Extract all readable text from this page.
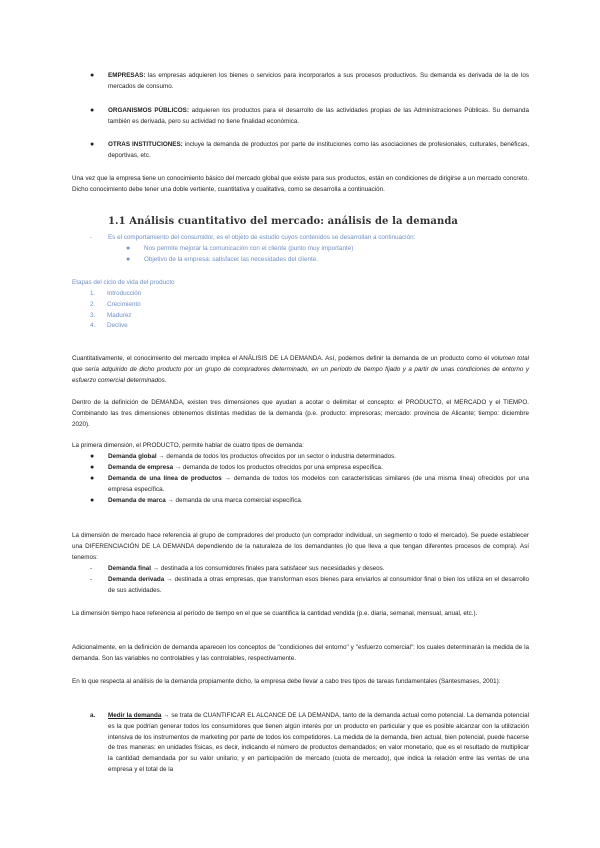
● EMPRESAS: las empresas adquieren los bienes o servicios para incorporarlos a sus procesos productivos. Su demanda es derivada de la de los mercados de consumo.

● ORGANISMOS PÚBLICOS: adquieren los productos para el desarrollo de las actividades propias de las Administraciones Públicas. Su demanda también es derivada, pero su actividad no tiene finalidad económica.

● OTRAS INSTITUCIONES: incluye la demanda de productos por parte de instituciones como las asociaciones de profesionales, culturales, benéficas, deportivas, etc.

Una vez que la empresa tiene un conocimiento básico del mercado global que existe para sus productos, están en condiciones de dirigirse a un mercado concreto. Dicho conocimiento debe tener una doble vertiente, cuantitativa y cualitativa, como se desarrolla a continuación.

1.1 Análisis cuantitativo del mercado: análisis de la demanda
-	Es el comportamiento del consumidor, es el objeto de estudio cuyos contenidos se desarrollan a continuación:

● Nos permite mejorar la comunicación con el cliente (punto muy importante)

● Objetivo de la empresa: satisfacer las necesidades del cliente.

Etapas del ciclo de vida del producto

1. Introducción
2. Crecimiento
3. Madurez
4. Declive

Cuantitativamente, el conocimiento del mercado implica el ANÁLISIS DE LA DEMANDA. Así, podemos definir la demanda de un producto como el volumen total que sería adquirido de dicho producto por un grupo de compradores determinado, en un período de tiempo fijado y a partir de unas condiciones de entorno y esfuerzo comercial determinados.

Dentro de la definición de DEMANDA, existen tres dimensiones que ayudan a acotar o delimitar el concepto: el PRODUCTO, el MERCADO y el TIEMPO. Combinando las tres dimensiones obtenemos distintas medidas de la demanda (p.e. producto: impresoras; mercado: provincia de Alicante; tiempo: diciembre 2020).

La primera dimensión, el PRODUCTO, permite hablar de cuatro tipos de demanda:

● Demanda global → demanda de todos los productos ofrecidos por un sector o industria determinados.

● Demanda de empresa → demanda de todos los productos ofrecidos por una empresa específica.

● Demanda de una línea de productos → demanda de todos los modelos con características similares (de una misma línea) ofrecidos por una empresa específica.

● Demanda de marca → demanda de una marca comercial específica.

La dimensión de mercado hace referencia al grupo de compradores del producto (un comprador individual, un segmento o todo el mercado). Se puede establecer una DIFERENCIACIÓN DE LA DEMANDA dependiendo de la naturaleza de los demandantes (lo que lleva a que tengan diferentes procesos de compra). Así tenemos:

-	Demanda final → destinada a los consumidores finales para satisfacer sus necesidades y deseos.

-	Demanda derivada → destinada a otras empresas, que transforman esos bienes para enviarlos al consumidor final o bien los utiliza en el desarrollo de sus actividades.

La dimensión tiempo hace referencia al período de tiempo en el que se cuantifica la cantidad vendida (p.e. diaria, semanal, mensual, anual, etc.).

Adicionalmente, en la definición de demanda aparecen los conceptos de "condiciones del entorno" y "esfuerzo comercial": los cuales determinarán la medida de la demanda. Son las variables no controlables y las controlables, respectivamente.

En lo que respecta al análisis de la demanda propiamente dicho, la empresa debe llevar a cabo tres tipos de tareas fundamentales (Santesmases, 2001):

a. Medir la demanda → se trata de CUANTIFICAR EL ALCANCE DE LA DEMANDA, tanto de la demanda actual como potencial. La demanda potencial es la que podrían generar todos los consumidores que tienen algún interés por un producto en particular y que es posible alcanzar con la utilización intensiva de los instrumentos de marketing por parte de todos los competidores. La medida de la demanda, bien actual, bien potencial, puede hacerse de tres maneras: en unidades físicas, es decir, indicando el número de productos demandados; en valor monetario, que es el resultado de multiplicar la cantidad demandada por su valor unitario; y en participación de mercado (cuota de mercado), que indica la relación entre las ventas de una empresa y el total de la
